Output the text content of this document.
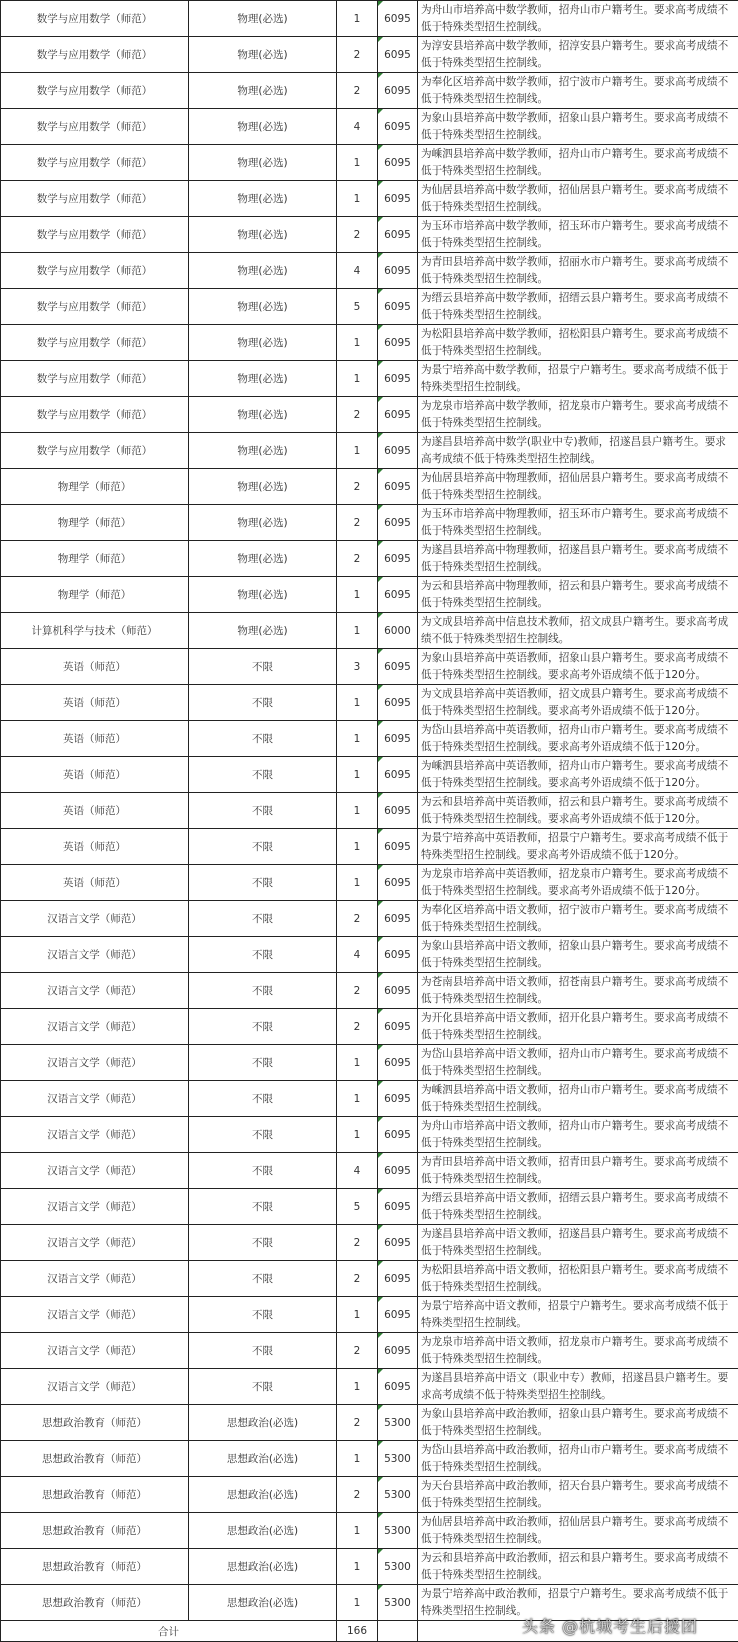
数学与应用数学（师范）	物理(必选)	1	6095	为舟山市培养高中数学教师，招舟山市户籍考生。要求高考成绩不低于特殊类型招生控制线。
数学与应用数学（师范）	物理(必选)	2	6095	为淳安县培养高中数学教师，招淳安县户籍考生。要求高考成绩不低于特殊类型招生控制线。
数学与应用数学（师范）	物理(必选)	2	6095	为奉化区培养高中数学教师，招宁波市户籍考生。要求高考成绩不低于特殊类型招生控制线。
数学与应用数学（师范）	物理(必选)	4	6095	为象山县培养高中数学教师，招象山县户籍考生。要求高考成绩不低于特殊类型招生控制线。
数学与应用数学（师范）	物理(必选)	1	6095	为嵊泗县培养高中数学教师，招舟山市户籍考生。要求高考成绩不低于特殊类型招生控制线。
数学与应用数学（师范）	物理(必选)	1	6095	为仙居县培养高中数学教师，招仙居县户籍考生。要求高考成绩不低于特殊类型招生控制线。
数学与应用数学（师范）	物理(必选)	2	6095	为玉环市培养高中数学教师，招玉环市户籍考生。要求高考成绩不低于特殊类型招生控制线。
数学与应用数学（师范）	物理(必选)	4	6095	为青田县培养高中数学教师，招丽水市户籍考生。要求高考成绩不低于特殊类型招生控制线。
数学与应用数学（师范）	物理(必选)	5	6095	为缙云县培养高中数学教师，招缙云县户籍考生。要求高考成绩不低于特殊类型招生控制线。
数学与应用数学（师范）	物理(必选)	1	6095	为松阳县培养高中数学教师，招松阳县户籍考生。要求高考成绩不低于特殊类型招生控制线。
数学与应用数学（师范）	物理(必选)	1	6095	为景宁培养高中数学教师，招景宁户籍考生。要求高考成绩不低于特殊类型招生控制线。
数学与应用数学（师范）	物理(必选)	2	6095	为龙泉市培养高中数学教师，招龙泉市户籍考生。要求高考成绩不低于特殊类型招生控制线。
数学与应用数学（师范）	物理(必选)	1	6095	为遂昌县培养高中数学(职业中专)教师，招遂昌县户籍考生。要求高考成绩不低于特殊类型招生控制线。
物理学（师范）	物理(必选)	2	6095	为仙居县培养高中物理教师，招仙居县户籍考生。要求高考成绩不低于特殊类型招生控制线。
物理学（师范）	物理(必选)	2	6095	为玉环市培养高中物理教师，招玉环市户籍考生。要求高考成绩不低于特殊类型招生控制线。
物理学（师范）	物理(必选)	2	6095	为遂昌县培养高中物理教师，招遂昌县户籍考生。要求高考成绩不低于特殊类型招生控制线。
物理学（师范）	物理(必选)	1	6095	为云和县培养高中物理教师，招云和县户籍考生。要求高考成绩不低于特殊类型招生控制线。
计算机科学与技术（师范）	物理(必选)	1	6000	为文成县培养高中信息技术教师，招文成县户籍考生。要求高考成绩不低于特殊类型招生控制线。
英语（师范）	不限	3	6095	为象山县培养高中英语教师，招象山县户籍考生。要求高考成绩不低于特殊类型招生控制线。要求高考外语成绩不低于120分。
英语（师范）	不限	1	6095	为文成县培养高中英语教师，招文成县户籍考生。要求高考成绩不低于特殊类型招生控制线。要求高考外语成绩不低于120分。
英语（师范）	不限	1	6095	为岱山县培养高中英语教师，招舟山市户籍考生。要求高考成绩不低于特殊类型招生控制线。要求高考外语成绩不低于120分。
英语（师范）	不限	1	6095	为嵊泗县培养高中英语教师，招舟山市户籍考生。要求高考成绩不低于特殊类型招生控制线。要求高考外语成绩不低于120分。
英语（师范）	不限	1	6095	为云和县培养高中英语教师，招云和县户籍考生。要求高考成绩不低于特殊类型招生控制线。要求高考外语成绩不低于120分。
英语（师范）	不限	1	6095	为景宁培养高中英语教师，招景宁户籍考生。要求高考成绩不低于特殊类型招生控制线。要求高考外语成绩不低于120分。
英语（师范）	不限	1	6095	为龙泉市培养高中英语教师，招龙泉市户籍考生。要求高考成绩不低于特殊类型招生控制线。要求高考外语成绩不低于120分。
汉语言文学（师范）	不限	2	6095	为奉化区培养高中语文教师，招宁波市户籍考生。要求高考成绩不低于特殊类型招生控制线。
汉语言文学（师范）	不限	4	6095	为象山县培养高中语文教师，招象山县户籍考生。要求高考成绩不低于特殊类型招生控制线。
汉语言文学（师范）	不限	2	6095	为苍南县培养高中语文教师，招苍南县户籍考生。要求高考成绩不低于特殊类型招生控制线。
汉语言文学（师范）	不限	2	6095	为开化县培养高中语文教师，招开化县户籍考生。要求高考成绩不低于特殊类型招生控制线。
汉语言文学（师范）	不限	1	6095	为岱山县培养高中语文教师，招舟山市户籍考生。要求高考成绩不低于特殊类型招生控制线。
汉语言文学（师范）	不限	1	6095	为嵊泗县培养高中语文教师，招舟山市户籍考生。要求高考成绩不低于特殊类型招生控制线。
汉语言文学（师范）	不限	1	6095	为舟山市培养高中语文教师，招舟山市户籍考生。要求高考成绩不低于特殊类型招生控制线。
汉语言文学（师范）	不限	4	6095	为青田县培养高中语文教师，招青田县户籍考生。要求高考成绩不低于特殊类型招生控制线。
汉语言文学（师范）	不限	5	6095	为缙云县培养高中语文教师，招缙云县户籍考生。要求高考成绩不低于特殊类型招生控制线。
汉语言文学（师范）	不限	2	6095	为遂昌县培养高中语文教师，招遂昌县户籍考生。要求高考成绩不低于特殊类型招生控制线。
汉语言文学（师范）	不限	2	6095	为松阳县培养高中语文教师，招松阳县户籍考生。要求高考成绩不低于特殊类型招生控制线。
汉语言文学（师范）	不限	1	6095	为景宁培养高中语文教师，招景宁户籍考生。要求高考成绩不低于特殊类型招生控制线。
汉语言文学（师范）	不限	2	6095	为龙泉市培养高中语文教师，招龙泉市户籍考生。要求高考成绩不低于特殊类型招生控制线。
汉语言文学（师范）	不限	1	6095	为遂昌县培养高中语文（职业中专）教师，招遂昌县户籍考生。要求高考成绩不低于特殊类型招生控制线。
思想政治教育（师范）	思想政治(必选)	2	5300	为象山县培养高中政治教师，招象山县户籍考生。要求高考成绩不低于特殊类型招生控制线。
思想政治教育（师范）	思想政治(必选)	1	5300	为岱山县培养高中政治教师，招舟山市户籍考生。要求高考成绩不低于特殊类型招生控制线。
思想政治教育（师范）	思想政治(必选)	2	5300	为天台县培养高中政治教师，招天台县户籍考生。要求高考成绩不低于特殊类型招生控制线。
思想政治教育（师范）	思想政治(必选)	1	5300	为仙居县培养高中政治教师，招仙居县户籍考生。要求高考成绩不低于特殊类型招生控制线。
思想政治教育（师范）	思想政治(必选)	1	5300	为云和县培养高中政治教师，招云和县户籍考生。要求高考成绩不低于特殊类型招生控制线。
思想政治教育（师范）	思想政治(必选)	1	5300	为景宁培养高中政治教师，招景宁户籍考生。要求高考成绩不低于特殊类型招生控制线。
合计		166			头条 @杭城考生后援团
